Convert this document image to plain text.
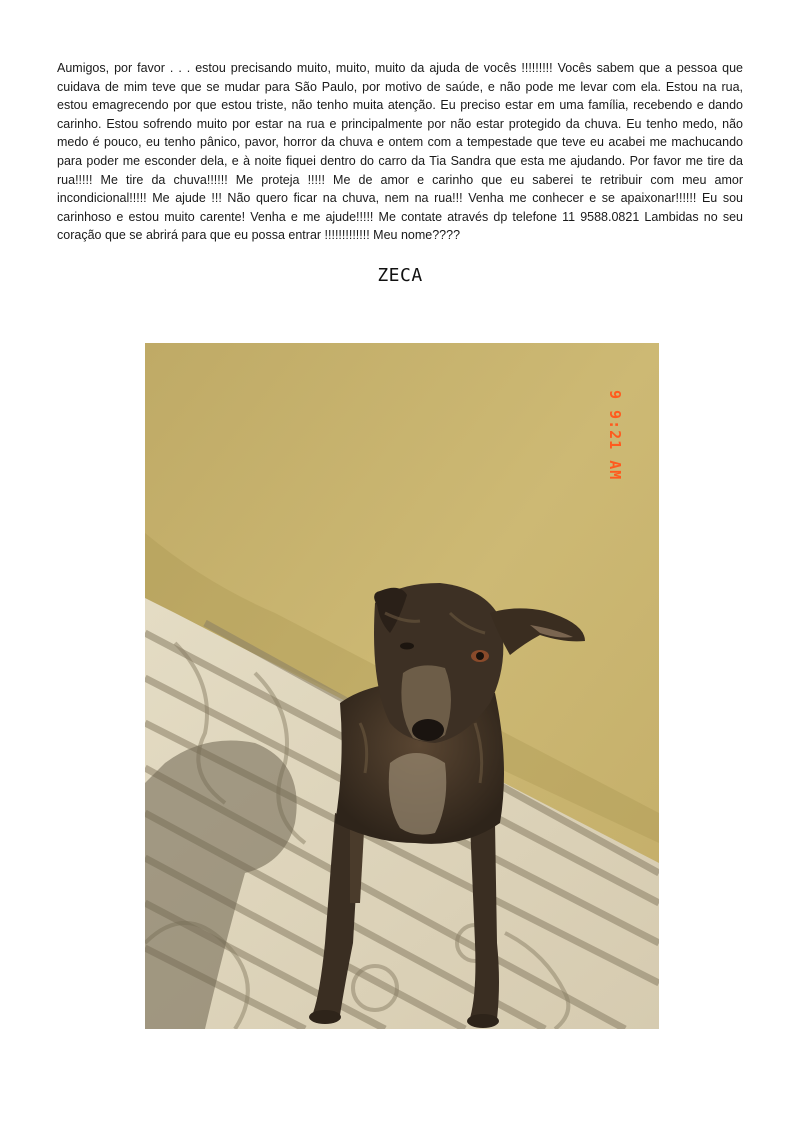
Aumigos, por favor . . . estou precisando muito, muito, muito da ajuda de vocês !!!!!!!!! Vocês sabem que a pessoa que cuidava de mim teve que se mudar para São Paulo, por motivo de saúde, e não pode me levar com ela. Estou na rua, estou emagrecendo por que estou triste, não tenho muita atenção. Eu preciso estar em uma família, recebendo e dando carinho. Estou sofrendo muito por estar na rua e principalmente por não estar protegido da chuva. Eu tenho medo, não medo é pouco, eu tenho pânico, pavor, horror da chuva e ontem com a tempestade que teve eu acabei me machucando para poder me esconder dela, e à noite fiquei dentro do carro da Tia Sandra que esta me ajudando. Por favor me tire da rua!!!!! Me tire da chuva!!!!!! Me proteja !!!!! Me de amor e carinho que eu saberei te retribuir com meu amor incondicional!!!!! Me ajude !!! Não quero ficar na chuva, nem na rua!!! Venha me conhecer e se apaixonar!!!!!! Eu sou carinhoso e estou muito carente! Venha e me ajude!!!!! Me contate através dp telefone 11 9588.0821 Lambidas no seu coração que se abrirá para que eu possa entrar !!!!!!!!!!!!! Meu nome????

ZECA
9 9:21 AM
